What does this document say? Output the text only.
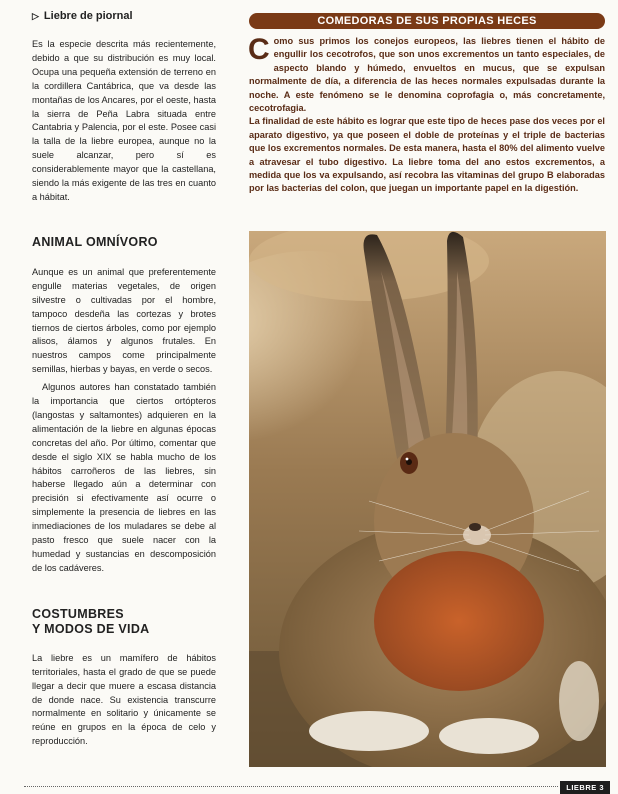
▷ Liebre de piornal

Es la especie descrita más recientemente, debido a que su distribución es muy local. Ocupa una pequeña extensión de terreno en la cordillera Cantábrica, que va desde las montañas de los Ancares, por el oeste, hasta la sierra de Peña Labra situada entre Cantabria y Palencia, por el este. Posee casi la talla de la liebre europea, aunque no la suele alcanzar, pero sí es considerablemente mayor que la castellana, siendo la más exigente de las tres en cuanto a hábitat.

ANIMAL OMNÍVORO

Aunque es un animal que preferentemente engulle materias vegetales, de origen silvestre o cultivadas por el hombre, tampoco desdeña las cortezas y brotes tiernos de ciertos árboles, como por ejemplo alisos, álamos y algunos frutales. En nuestros campos come principalmente semillas, hierbas y bayas, en verde o secos.

Algunos autores han constatado también la importancia que ciertos ortópteros (langostas y saltamontes) adquieren en la alimentación de la liebre en algunas épocas concretas del año. Por último, comentar que desde el siglo XIX se habla mucho de los hábitos carroñeros de las liebres, sin haberse llegado aún a determinar con precisión si efectivamente así ocurre o simplemente la presencia de liebres en las inmediaciones de los muladares se debe al pasto fresco que suele nacer con la humedad y sustancias en descomposición de los cadáveres.

COSTUMBRES
Y MODOS DE VIDA

La liebre es un mamífero de hábitos territoriales, hasta el grado de que se puede llegar a decir que muere a escasa distancia de donde nace. Su existencia transcurre normalmente en solitario y únicamente se reúne en grupos en la época de celo y reproducción.

COMEDORAS DE SUS PROPIAS HECES

Como sus primos los conejos europeos, las liebres tienen el hábito de engullir los cecotrofos, que son unos excrementos un tanto especiales, de aspecto blando y húmedo, envueltos en mucus, que se expulsan normalmente de día, a diferencia de las heces normales expulsadas durante la noche. A este fenómeno se le denomina coprofagia o, más concretamente, cecotrofagia.

La finalidad de este hábito es lograr que este tipo de heces pase dos veces por el aparato digestivo, ya que poseen el doble de proteínas y el triple de bacterias que los excrementos normales. De esta manera, hasta el 80% del alimento vuelve a atravesar el tubo digestivo. La liebre toma del ano estos excrementos, a medida que los va expulsando, así recobra las vitaminas del grupo B elaboradas por las bacterias del colon, que juegan un importante papel en la digestión.

LIEBRE 3
